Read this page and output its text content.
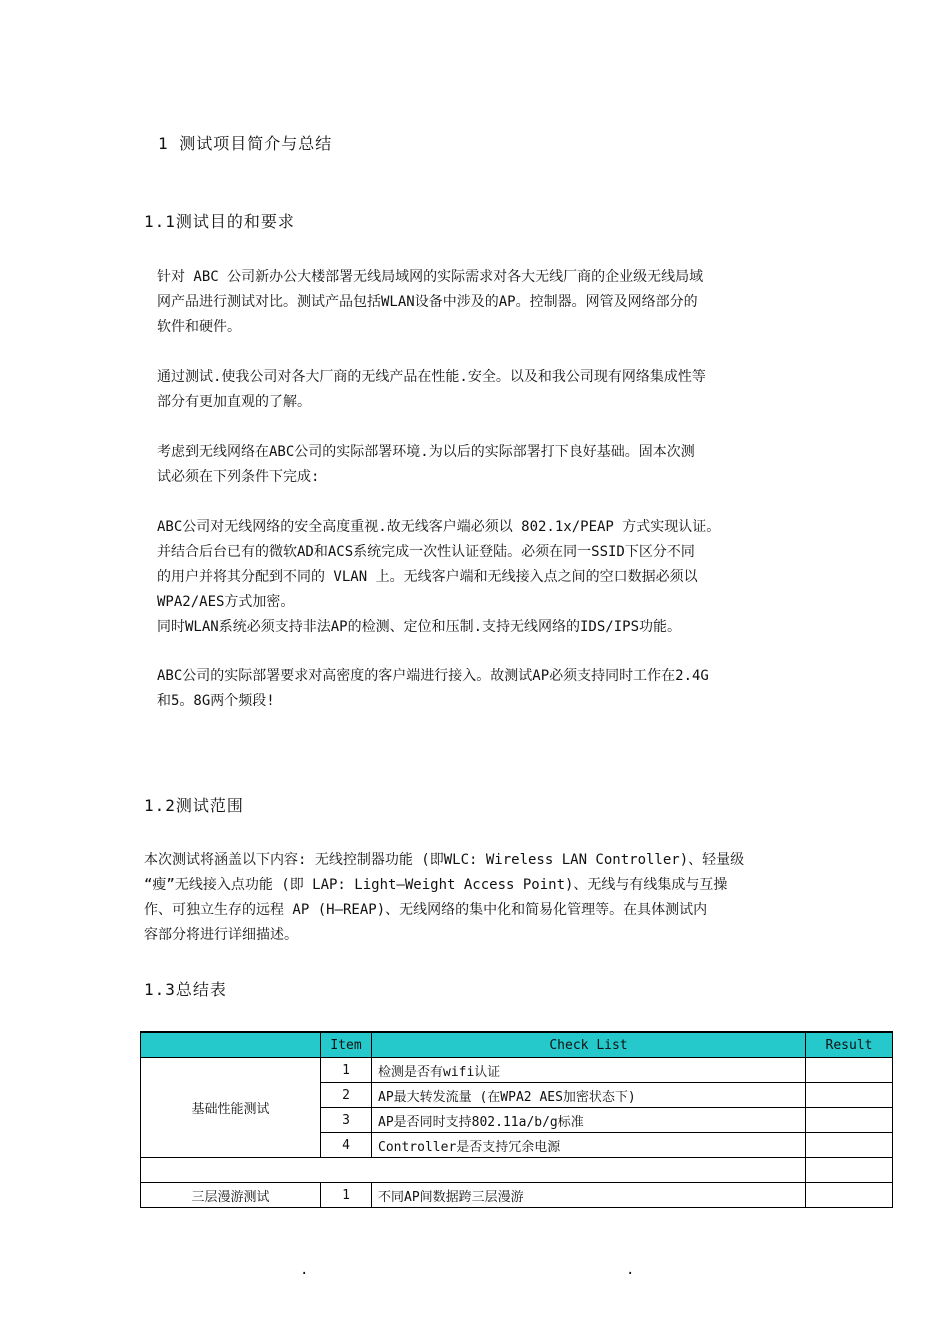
1 测试项目简介与总结
1.1测试目的和要求

针对 ABC 公司新办公大楼部署无线局域网的实际需求对各大无线厂商的企业级无线局域
网产品进行测试对比。测试产品包括WLAN设备中涉及的AP。控制器。网管及网络部分的
软件和硬件。

通过测试.使我公司对各大厂商的无线产品在性能.安全。以及和我公司现有网络集成性等
部分有更加直观的了解。

考虑到无线网络在ABC公司的实际部署环境.为以后的实际部署打下良好基础。固本次测
试必须在下列条件下完成:

ABC公司对无线网络的安全高度重视.故无线客户端必须以 802.1x/PEAP 方式实现认证。
并结合后台已有的微软AD和ACS系统完成一次性认证登陆。必须在同一SSID下区分不同
的用户并将其分配到不同的 VLAN 上。无线客户端和无线接入点之间的空口数据必须以
WPA2/AES方式加密。
同时WLAN系统必须支持非法AP的检测、定位和压制.支持无线网络的IDS/IPS功能。

ABC公司的实际部署要求对高密度的客户端进行接入。故测试AP必须支持同时工作在2.4G
和5。8G两个频段!

1.2测试范围

本次测试将涵盖以下内容: 无线控制器功能 (即WLC: Wireless LAN Controller)、轻量级
“瘦”无线接入点功能 (即 LAP: Light—Weight Access Point)、无线与有线集成与互操
作、可独立生存的远程 AP (H—REAP)、无线网络的集中化和简易化管理等。在具体测试内
容部分将进行详细描述。

1.3总结表
	Item	Check List	Result
基础性能测试	1	检测是否有wifi认证	
	2	AP最大转发流量 (在WPA2 AES加密状态下)	
	3	AP是否同时支持802.11a/b/g标准	
	4	Controller是否支持冗余电源	

三层漫游测试	1	不同AP间数据跨三层漫游	
.	.
